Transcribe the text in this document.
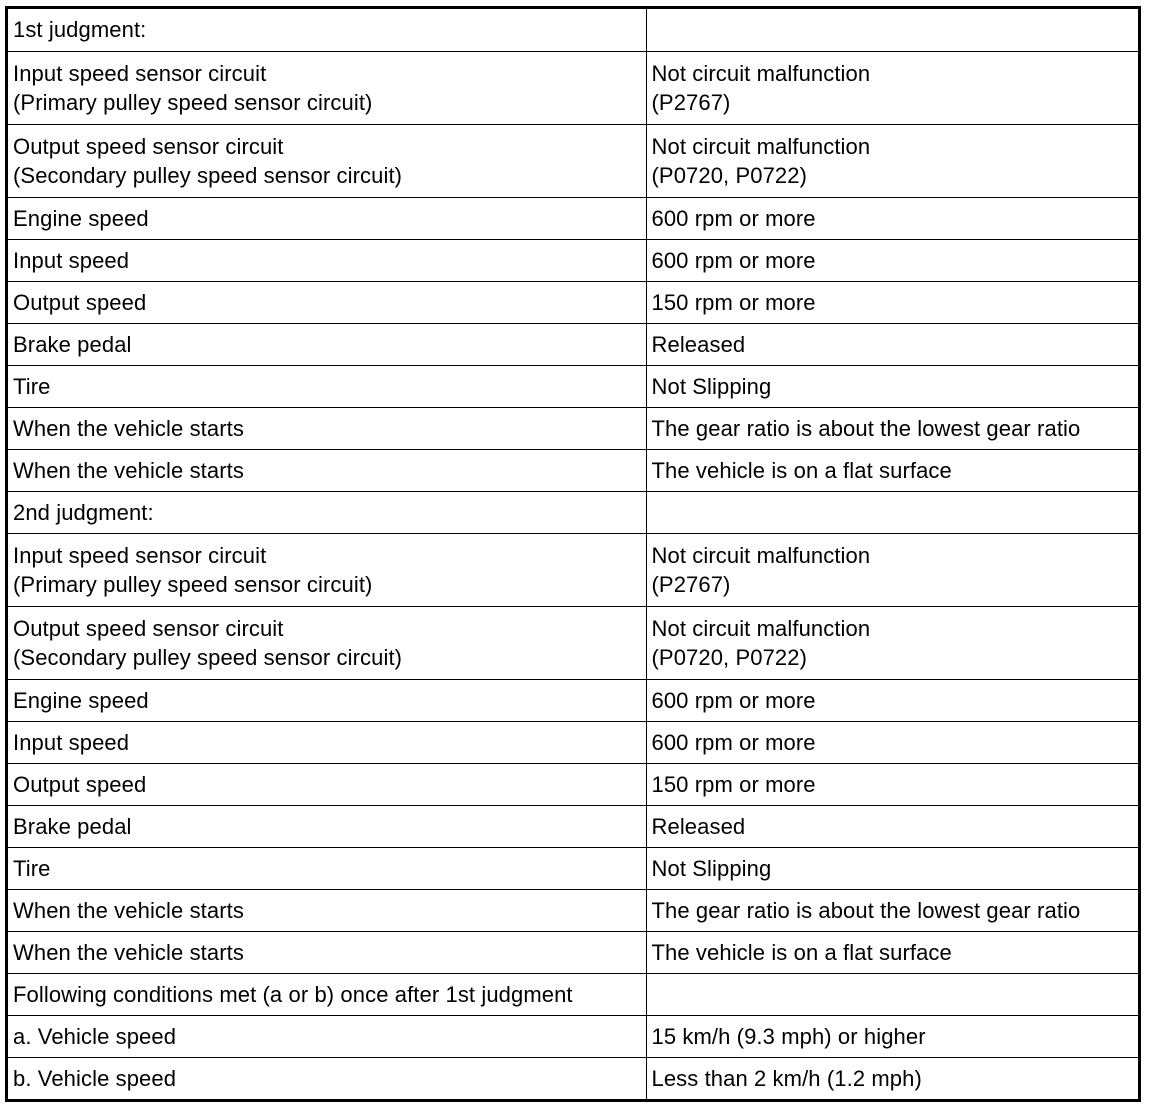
1st judgment:	

Input speed sensor circuit
(Primary pulley speed sensor circuit)	Not circuit malfunction
(P2767)

Output speed sensor circuit
(Secondary pulley speed sensor circuit)	Not circuit malfunction
(P0720, P0722)

Engine speed	600 rpm or more

Input speed	600 rpm or more

Output speed	150 rpm or more

Brake pedal	Released

Tire	Not Slipping

When the vehicle starts	The gear ratio is about the lowest gear ratio

When the vehicle starts	The vehicle is on a flat surface

2nd judgment:	

Input speed sensor circuit
(Primary pulley speed sensor circuit)	Not circuit malfunction
(P2767)

Output speed sensor circuit
(Secondary pulley speed sensor circuit)	Not circuit malfunction
(P0720, P0722)

Engine speed	600 rpm or more

Input speed	600 rpm or more

Output speed	150 rpm or more

Brake pedal	Released

Tire	Not Slipping

When the vehicle starts	The gear ratio is about the lowest gear ratio

When the vehicle starts	The vehicle is on a flat surface

Following conditions met (a or b) once after 1st judgment	

a. Vehicle speed	15 km/h (9.3 mph) or higher

b. Vehicle speed	Less than 2 km/h (1.2 mph)
